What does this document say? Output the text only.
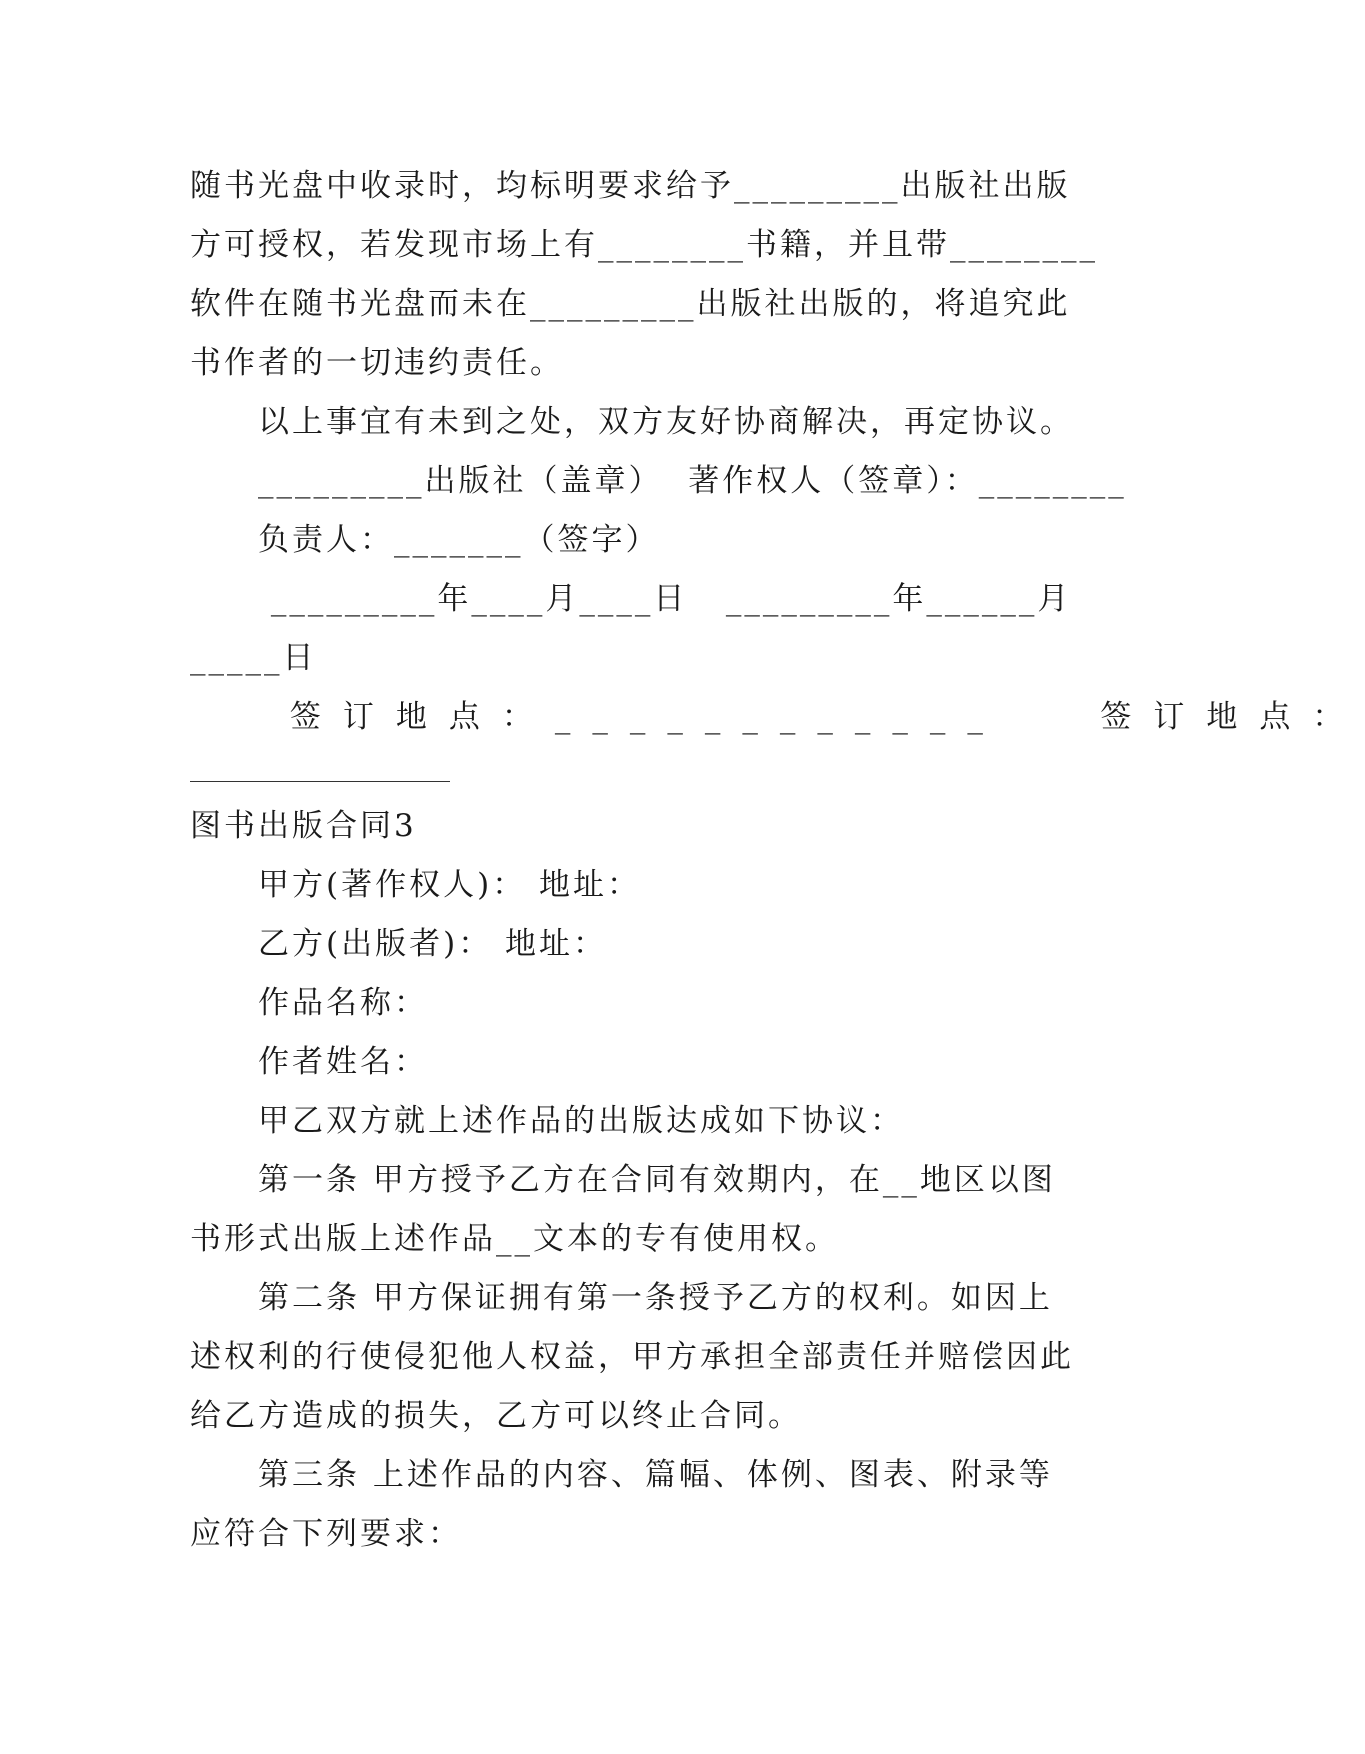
随书光盘中收录时，均标明要求给予_________出版社出版
方可授权，若发现市场上有________书籍，并且带________
软件在随书光盘而未在_________出版社出版的，将追究此
书作者的一切违约责任。
以上事宜有未到之处，双方友好协商解决，再定协议。
_________出版社（盖章）  著作权人（签章）：________
负责人：_______（签字）
_________年____月____日   _________年______月
_____日
签订地点：____________   签订地点：
图书出版合同3
甲方(著作权人)： 地址：
乙方(出版者)： 地址：
作品名称：
作者姓名：
甲乙双方就上述作品的出版达成如下协议：
第一条 甲方授予乙方在合同有效期内，在__地区以图
书形式出版上述作品__文本的专有使用权。
第二条 甲方保证拥有第一条授予乙方的权利。如因上
述权利的行使侵犯他人权益，甲方承担全部责任并赔偿因此
给乙方造成的损失，乙方可以终止合同。
第三条 上述作品的内容、篇幅、体例、图表、附录等
应符合下列要求：
